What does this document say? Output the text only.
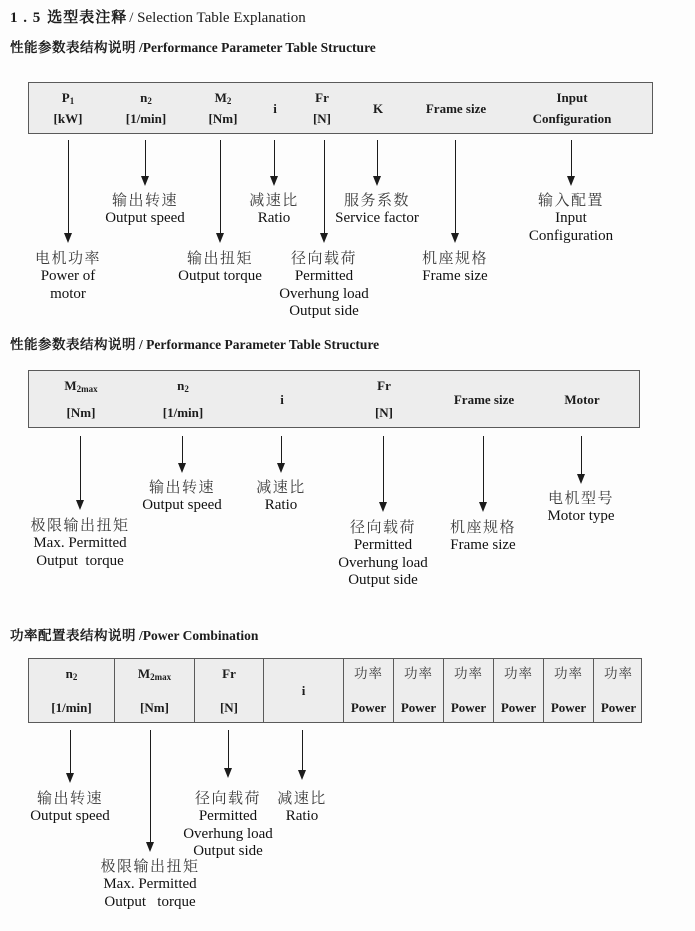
1 . 5 选型表注释 / Selection Table Explanation
性能参数表结构说明 /Performance Parameter Table Structure
性能参数表结构说明 / Performance Parameter Table Structure
功率配置表结构说明 /Power Combination
$P_1$
[kW]
$n_2$
[1/min]
$M_2$
[Nm]
i
Fr
[N]
K	Frame size
Input
Configuration
电机功率
Power of
motor
输出转速
Output speed
输出扭矩
Output torque
减速比
Ratio
径向载荷
Permitted
Overhung load
Output side
服务系数
Service factor
机座规格
Frame size
输入配置
Input
Configuration
$M_{2max}$
[Nm]
$n_2$
[1/min]
i
Fr
[N]
Frame size	Motor
极限输出扭矩
Max. Permitted
Output  torque
输出转速
Output speed
减速比
Ratio
径向载荷
Permitted
Overhung load
Output side
机座规格
Frame size
电机型号
Motor type
$n_2$
[1/min]
$M_{2max}$
[Nm]
Fr
[N]
i
功率
Power
功率
Power
功率
Power
功率
Power
功率
Power
功率
Power
输出转速
Output speed
极限输出扭矩
Max. Permitted
Output   torque
径向载荷
Permitted
Overhung load
Output side
减速比
Ratio
